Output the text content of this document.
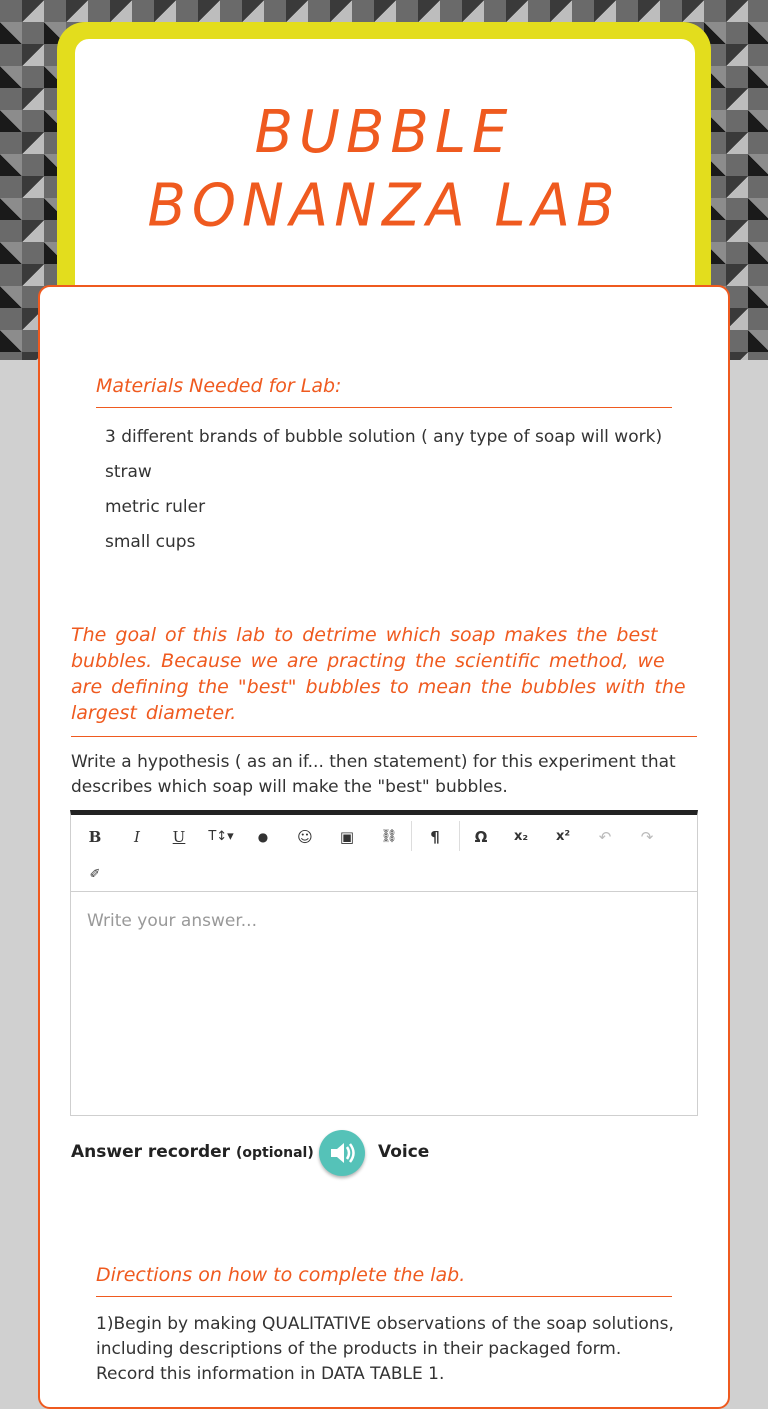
BUBBLE BONANZA LAB
Materials Needed for Lab:
3 different brands of bubble solution ( any type of soap will work)
straw
metric ruler
small cups
The goal of this lab to detrime which soap makes the best bubbles. Because we are practing the scientific method, we are defining the "best" bubbles to mean the bubbles with the largest diameter.
Write a hypothesis ( as an if... then statement) for this experiment that describes which soap will make the "best" bubbles.
B	I	U	T↕▾	●	☺	▣	⛓	¶	Ω	x₂	x²	↶	↷
✐
Write your answer...
Answer recorder (optional)	Voice
Directions on how to complete the lab.
1)Begin by making QUALITATIVE observations of the soap solutions, including descriptions of the products in their packaged form. Record this information in DATA TABLE 1.
